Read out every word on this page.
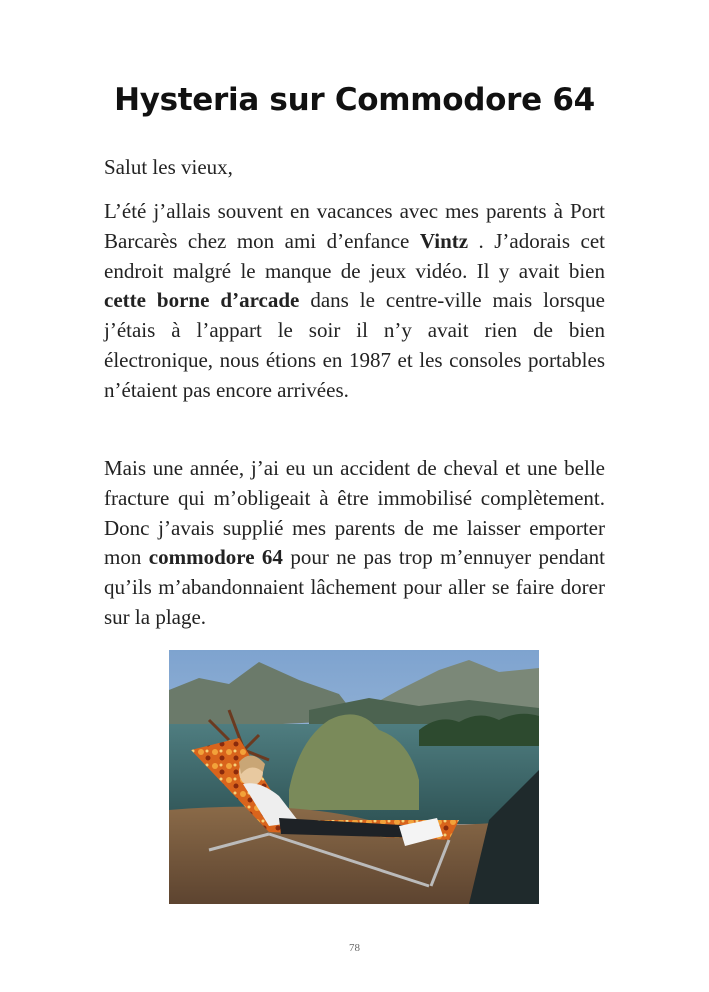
Hysteria sur Commodore 64
Salut les vieux,

L’été j’allais souvent en vacances avec mes parents à Port Barcarès chez mon ami d’enfance Vintz . J’adorais cet endroit malgré le manque de jeux vidéo. Il y avait bien cette borne d’arcade dans le centre-ville mais lorsque j’étais à l’appart le soir il n’y avait rien de bien électronique, nous étions en 1987 et les consoles portables n’étaient pas encore arrivées.

Mais une année, j’ai eu un accident de cheval et une belle fracture qui m’obligeait à être immobilisé complètement. Donc j’avais supplié mes parents de me laisser emporter mon commodore 64 pour ne pas trop m’ennuyer pendant qu’ils m’abandonnaient lâchement pour aller se faire dorer sur la plage.

78
